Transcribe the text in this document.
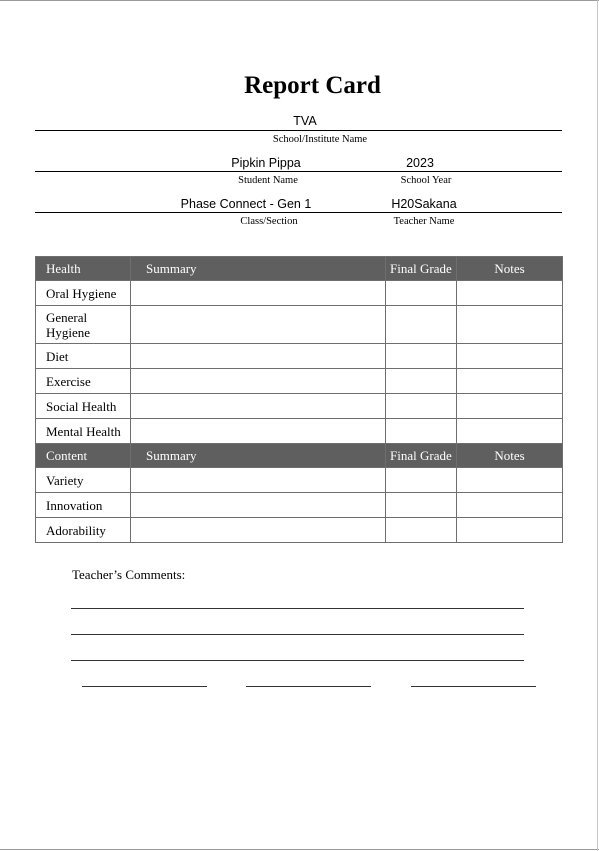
Report Card
TVA
School/Institute Name
Pipkin Pippa	2023
Student Name	School Year
Phase Connect - Gen 1	H20Sakana
Class/Section	Teacher Name
Health	Summary	Final Grade	Notes
Oral Hygiene			
General Hygiene			
Diet			
Exercise			
Social Health			
Mental Health			
Content	Summary	Final Grade	Notes
Variety			
Innovation			
Adorability			
Teacher’s Comments:
